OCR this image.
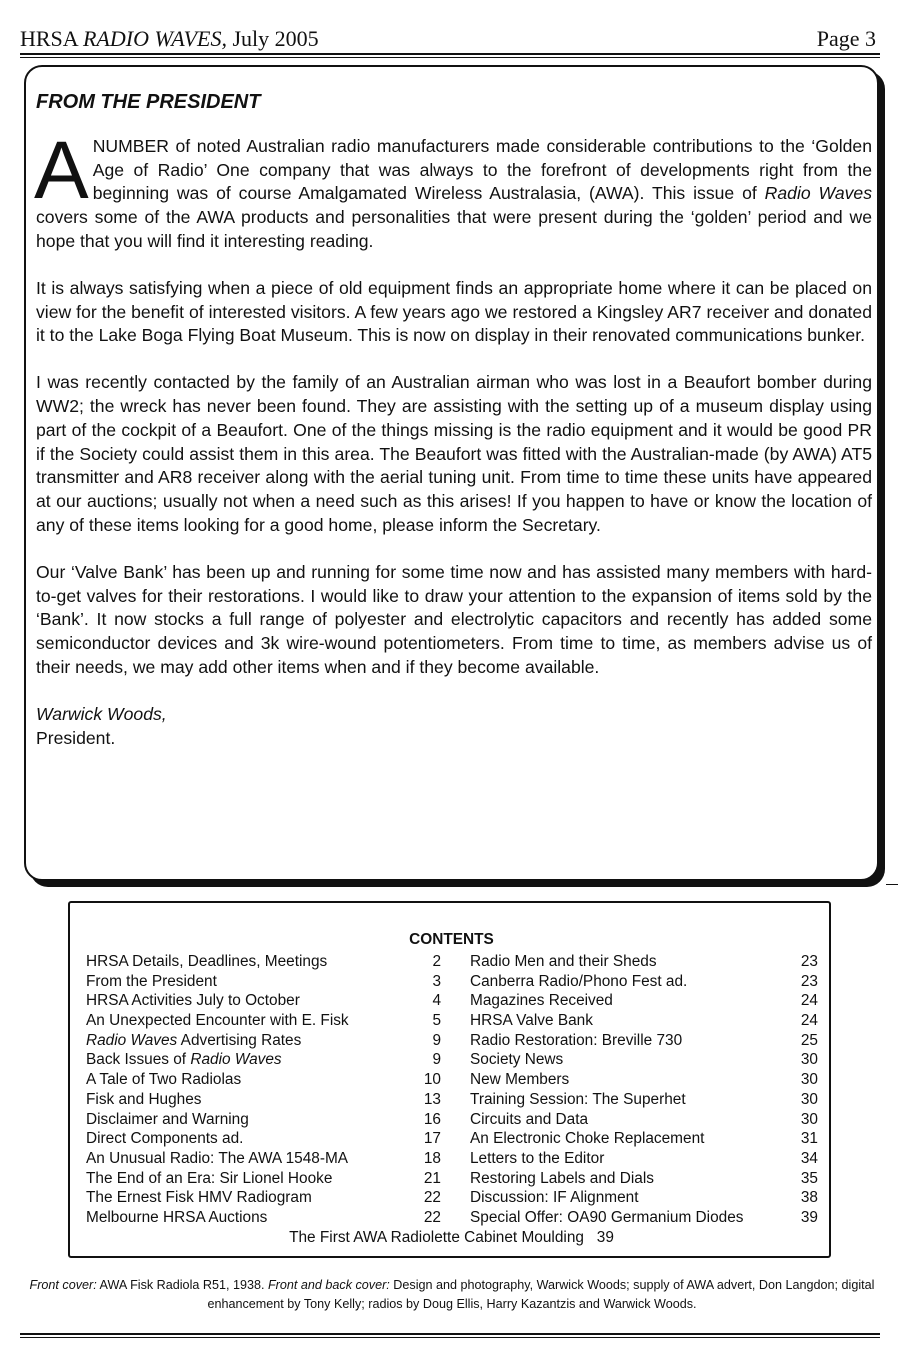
HRSA RADIO WAVES, July 2005	Page 3
FROM THE PRESIDENT

ANUMBER of noted Australian radio manufacturers made considerable contributions to the ‘Golden Age of Radio’ One company that was always to the forefront of developments right from the beginning was of course Amalgamated Wireless Australasia, (AWA). This issue of Radio Waves covers some of the AWA products and personalities that were present during the ‘golden’ period and we hope that you will find it interesting reading.

It is always satisfying when a piece of old equipment finds an appropriate home where it can be placed on view for the benefit of interested visitors. A few years ago we restored a Kingsley AR7 receiver and donated it to the Lake Boga Flying Boat Museum. This is now on display in their renovated communications bunker.

I was recently contacted by the family of an Australian airman who was lost in a Beaufort bomber during WW2; the wreck has never been found. They are assisting with the setting up of a museum display using part of the cockpit of a Beaufort. One of the things missing is the radio equipment and it would be good PR if the Society could assist them in this area. The Beaufort was fitted with the Australian-made (by AWA) AT5 transmitter and AR8 receiver along with the aerial tuning unit. From time to time these units have appeared at our auctions; usually not when a need such as this arises! If you happen to have or know the location of any of these items looking for a good home, please inform the Secretary.

Our ‘Valve Bank’ has been up and running for some time now and has assisted many members with hard-to-get valves for their restorations. I would like to draw your attention to the expansion of items sold by the ‘Bank’. It now stocks a full range of polyester and electrolytic capacitors and recently has added some semiconductor devices and 3k wire-wound potentiometers. From time to time, as members advise us of their needs, we may add other items when and if they become available.

Warwick Woods,

President.

CONTENTS
HRSA Details, Deadlines, Meetings	2
From the President	3
HRSA Activities July to October	4
An Unexpected Encounter with E. Fisk	5
Radio Waves Advertising Rates	9
Back Issues of Radio Waves	9
A Tale of Two Radiolas	10
Fisk and Hughes	13
Disclaimer and Warning	16
Direct Components ad.	17
An Unusual Radio: The AWA 1548-MA	18
The End of an Era: Sir Lionel Hooke	21
The Ernest Fisk HMV Radiogram	22
Melbourne HRSA Auctions	22
Radio Men and their Sheds	23
Canberra Radio/Phono Fest ad.	23
Magazines Received	24
HRSA Valve Bank	24
Radio Restoration: Breville 730	25
Society News	30
New Members	30
Training Session: The Superhet	30
Circuits and Data	30
An Electronic Choke Replacement	31
Letters to the Editor	34
Restoring Labels and Dials	35
Discussion: IF Alignment	38
Special Offer: OA90 Germanium Diodes	39
The First AWA Radiolette Cabinet Moulding 39
Front cover: AWA Fisk Radiola R51, 1938. Front and back cover: Design and photography, Warwick Woods; supply of AWA advert, Don Langdon; digital enhancement by Tony Kelly; radios by Doug Ellis, Harry Kazantzis and Warwick Woods.
